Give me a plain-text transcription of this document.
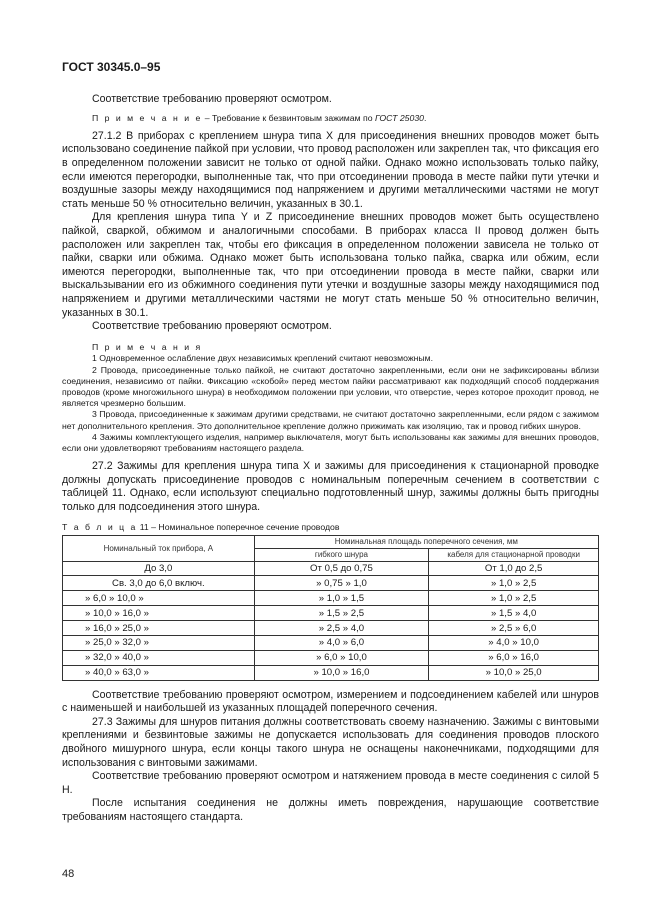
ГОСТ 30345.0–95

Соответствие требованию проверяют осмотром.

П р и м е ч а н и е – Требование к безвинтовым зажимам по ГОСТ 25030.

27.1.2 В приборах с креплением шнура типа X для присоединения внешних проводов может быть использовано соединение пайкой при условии, что провод расположен или закреплен так, что фиксация его в определенном положении зависит не только от одной пайки. Однако можно использовать только пайку, если имеются перегородки, выполненные так, что при отсоединении провода в месте пайки пути утечки и воздушные зазоры между находящимися под напряжением и другими металлическими частями не могут стать меньше 50 % относительно величин, указанных в 30.1.

Для крепления шнура типа Y и Z присоединение внешних проводов может быть осуществлено пайкой, сваркой, обжимом и аналогичными способами. В приборах класса II провод должен быть расположен или закреплен так, чтобы его фиксация в определенном положении зависела не только от пайки, сварки или обжима. Однако может быть использована только пайка, сварка или обжим, если имеются перегородки, выполненные так, что при отсоединении провода в месте пайки, сварки или выскальзывании его из обжимного соединения пути утечки и воздушные зазоры между находящимися под напряжением и другими металлическими частями не могут стать меньше 50 % относительно величин, указанных в 30.1.

Соответствие требованию проверяют осмотром.

П р и м е ч а н и я

1 Одновременное ослабление двух независимых креплений считают невозможным.

2 Провода, присоединенные только пайкой, не считают достаточно закрепленными, если они не зафиксированы вблизи соединения, независимо от пайки. Фиксацию «скобой» перед местом пайки рассматривают как подходящий способ поддержания проводов (кроме многожильного шнура) в необходимом положении при условии, что отверстие, через которое проходит провод, не является чрезмерно большим.

3 Провода, присоединенные к зажимам другими средствами, не считают достаточно закрепленными, если рядом с зажимом нет дополнительного крепления. Это дополнительное крепление должно прижимать как изоляцию, так и провод гибких шнуров.

4 Зажимы комплектующего изделия, например выключателя, могут быть использованы как зажимы для внешних проводов, если они удовлетворяют требованиям настоящего раздела.

27.2 Зажимы для крепления шнура типа X и зажимы для присоединения к стационарной проводке должны допускать присоединение проводов с номинальным поперечным сечением в соответствии с таблицей 11. Однако, если используют специально подготовленный шнур, зажимы должны быть пригодны только для подсоединения этого шнура.

Т а б л и ц а 11 – Номинальное поперечное сечение проводов
Номинальный ток прибора, А	Номинальная площадь поперечного сечения, мм	
	гибкого шнура	кабеля для стационарной проводки
До 3,0	От 0,5 до 0,75	От 1,0 до 2,5
Св. 3,0 до 6,0 включ.	» 0,75 » 1,0	» 1,0 » 2,5
» 6,0 » 10,0 »	» 1,0 » 1,5	» 1,0 » 2,5
» 10,0 » 16,0 »	» 1,5 » 2,5	» 1,5 » 4,0
» 16,0 » 25,0 »	» 2,5 » 4,0	» 2,5 » 6,0
» 25,0 » 32,0 »	» 4,0 » 6,0	» 4,0 » 10,0
» 32,0 » 40,0 »	» 6,0 » 10,0	» 6,0 » 16,0
» 40,0 » 63,0 »	» 10,0 » 16,0	» 10,0 » 25,0

Соответствие требованию проверяют осмотром, измерением и подсоединением кабелей или шнуров с наименьшей и наибольшей из указанных площадей поперечного сечения.

27.3 Зажимы для шнуров питания должны соответствовать своему назначению. Зажимы с винтовыми креплениями и безвинтовые зажимы не допускается использовать для соединения проводов плоского двойного мишурного шнура, если концы такого шнура не оснащены наконечниками, подходящими для использования с винтовыми зажимами.

Соответствие требованию проверяют осмотром и натяжением провода в месте соединения с силой 5 Н.

После испытания соединения не должны иметь повреждения, нарушающие соответствие требованиям настоящего стандарта.

48
